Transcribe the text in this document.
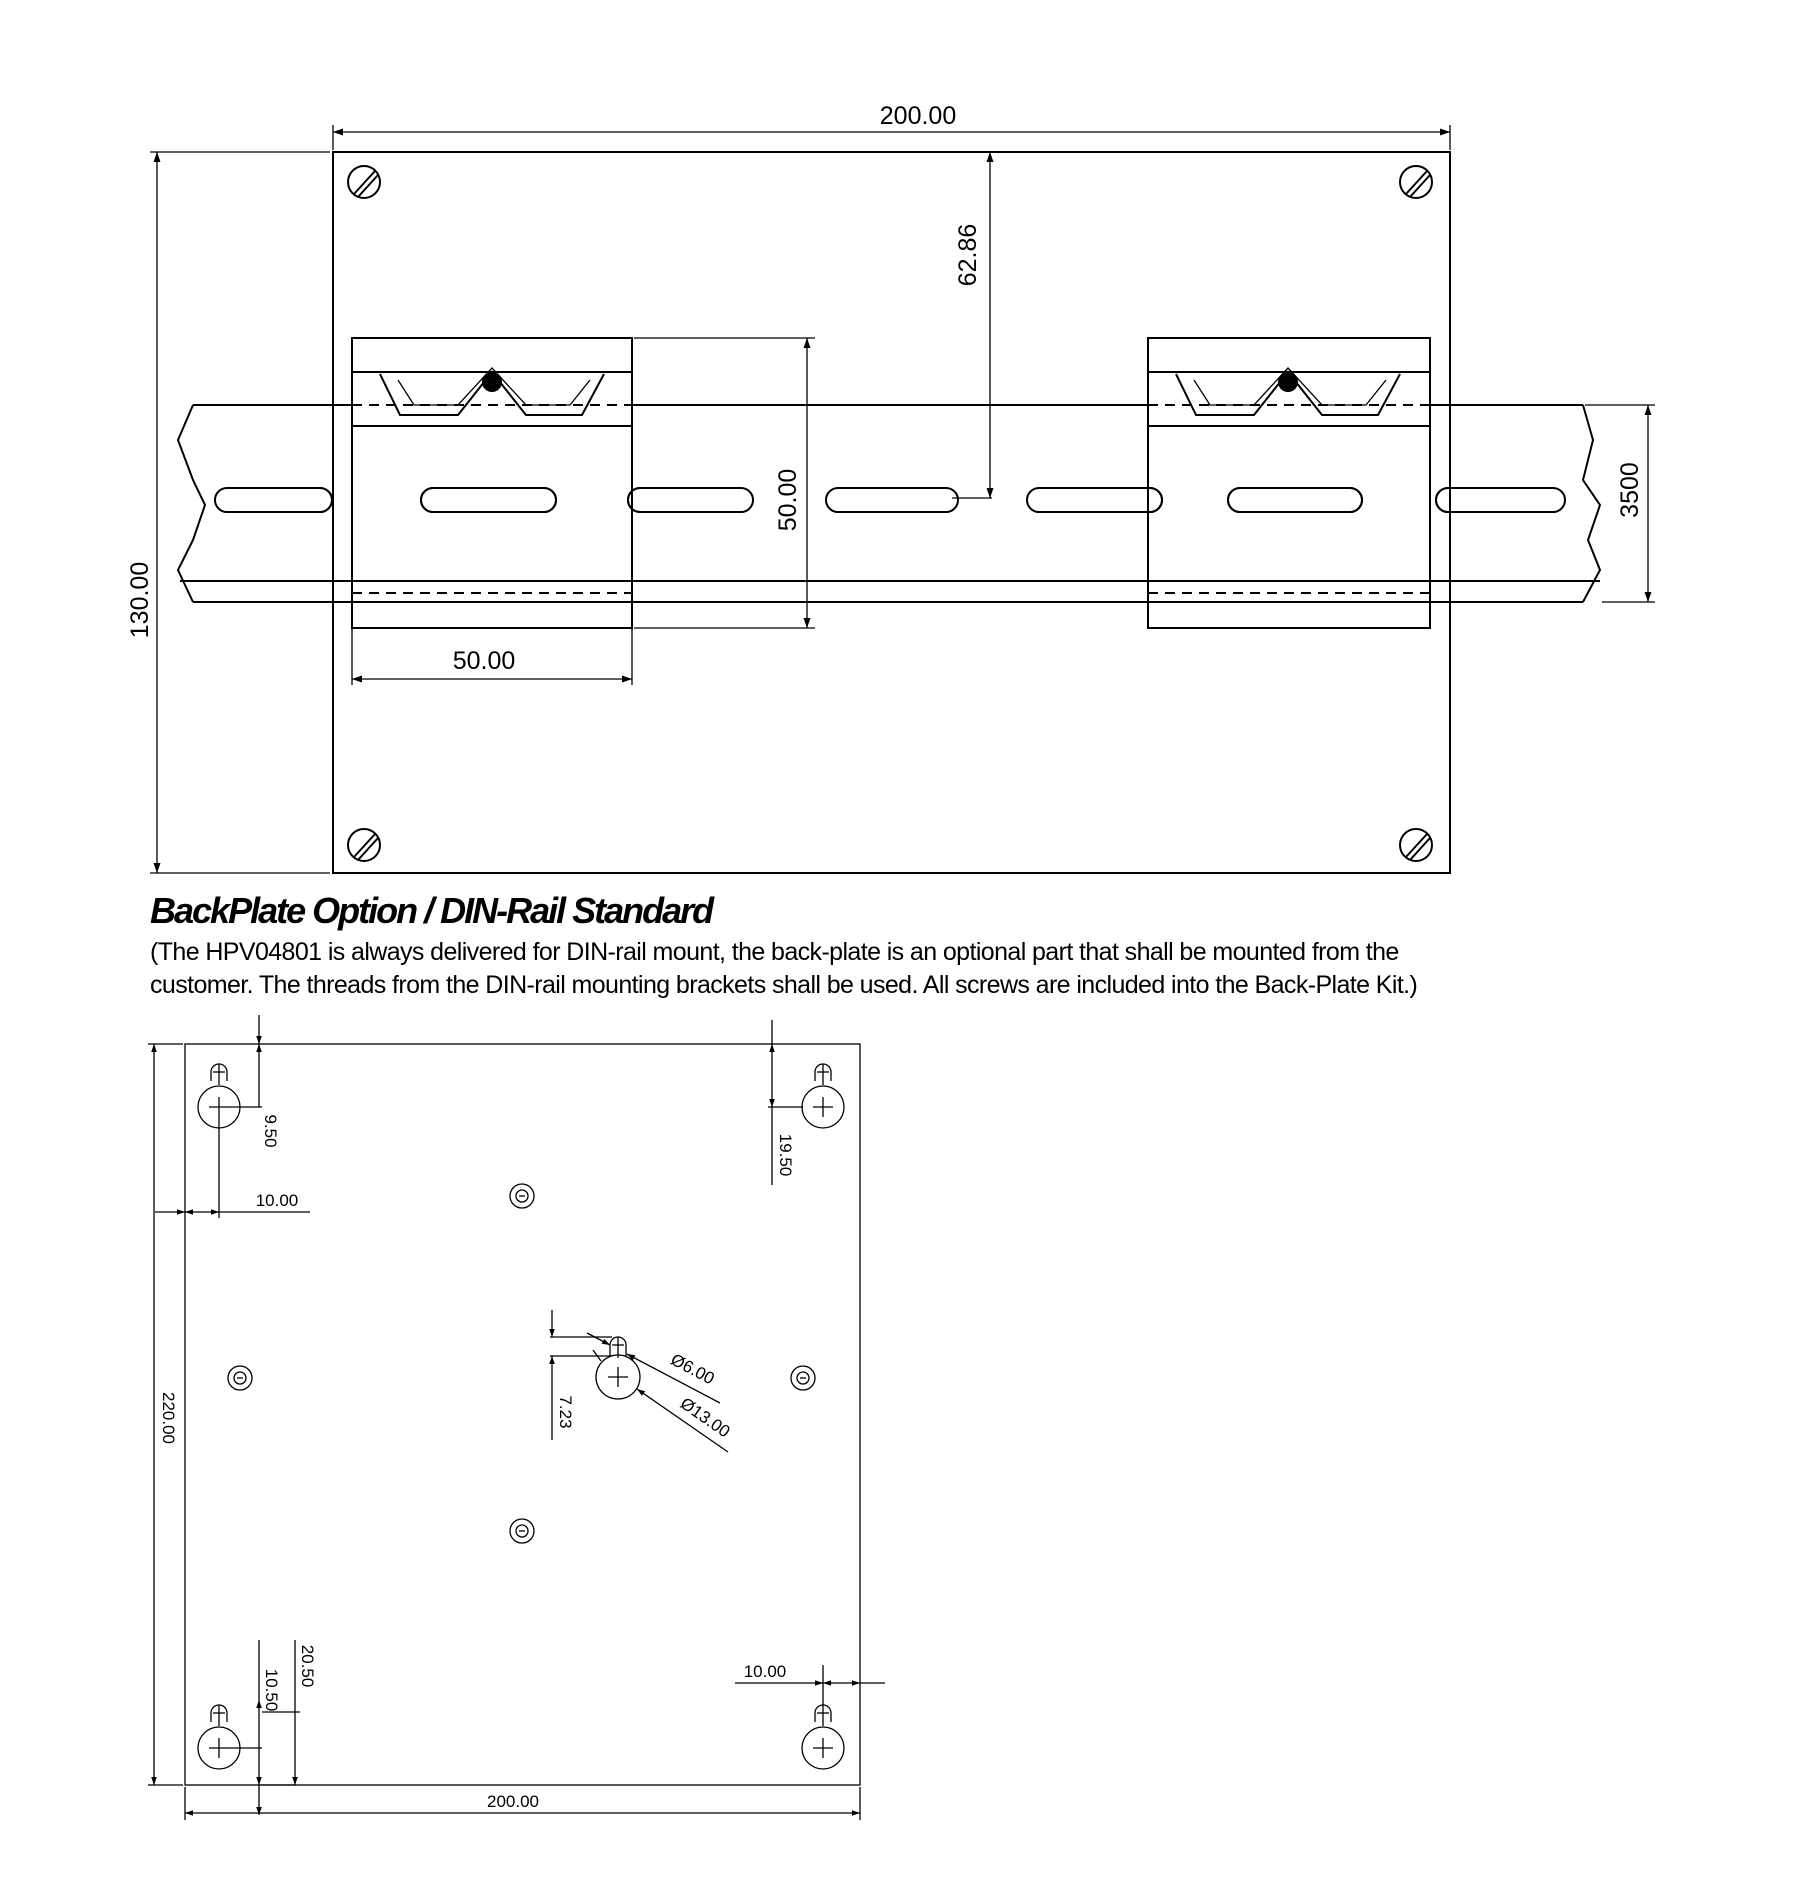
200.00
130.00
62.86
50.00
50.00
3500
200.00
220.00
9.50
10.00
19.50
10.50
20.50	10.00
7.23
Ø6.00
Ø13.00

BackPlate Option / DIN-Rail Standard

(The HPV04801 is always delivered for DIN-rail mount, the back-plate is an optional part that shall be mounted from the

customer. The threads from the DIN-rail mounting brackets shall be used. All screws are included into the Back-Plate Kit.)
